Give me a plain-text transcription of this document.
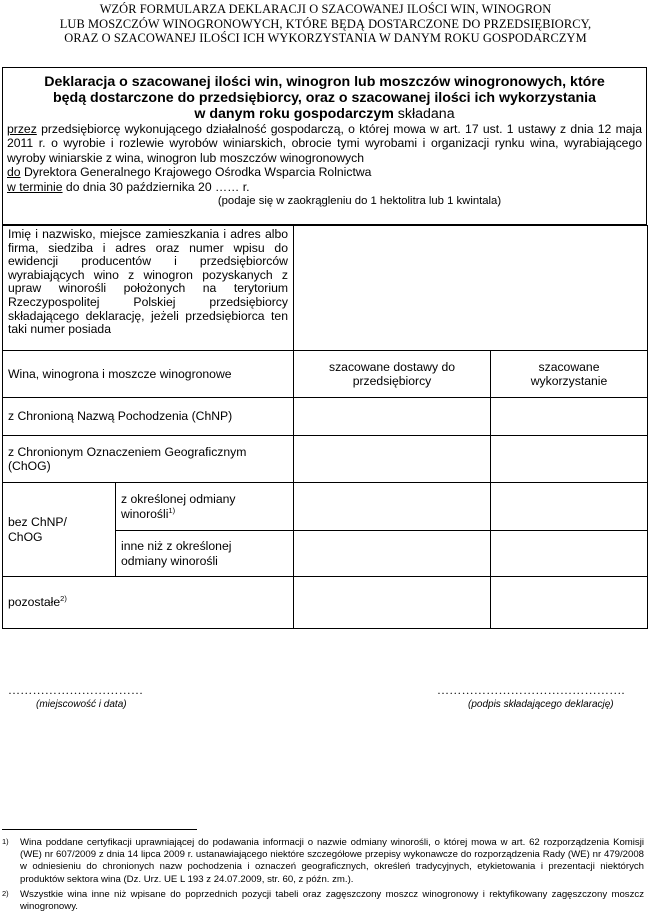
WZÓR FORMULARZA DEKLARACJI O SZACOWANEJ ILOŚCI WIN, WINOGRON
LUB MOSZCZÓW WINOGRONOWYCH, KTÓRE BĘDĄ DOSTARCZONE DO PRZEDSIĘBIORCY,
ORAZ O SZACOWANEJ ILOŚCI ICH WYKORZYSTANIA W DANYM ROKU GOSPODARCZYM
Deklaracja o szacowanej ilości win, winogron lub moszczów winogronowych, które
będą dostarczone do przedsiębiorcy, oraz o szacowanej ilości ich wykorzystania
w danym roku gospodarczym składana
przez przedsiębiorcę wykonującego działalność gospodarczą, o której mowa w art. 17 ust. 1 ustawy z dnia 12 maja 2011 r. o wyrobie i rozlewie wyrobów winiarskich, obrocie tymi wyrobami i organizacji rynku wina, wyrabiającego wyroby winiarskie z wina, winogron lub moszczów winogronowych
do Dyrektora Generalnego Krajowego Ośrodka Wsparcia Rolnictwa
w terminie do dnia 30 października 20 …… r.
(podaje się w zaokrągleniu do 1 hektolitra lub 1 kwintala)
Imię i nazwisko, miejsce zamieszkania i adres albo firma, siedziba i adres oraz numer wpisu do ewidencji producentów i przedsiębiorców wyrabiających wino z winogron pozyskanych z upraw winorośli położonych na terytorium Rzeczypospolitej Polskiej przedsiębiorcy składającego deklarację, jeżeli przedsiębiorca ten taki numer posiada			
Wina, winogrona i moszcze winogronowe		szacowane dostawy do przedsiębiorcy	szacowane wykorzystanie
z Chronioną Nazwą Pochodzenia (ChNP)			
z Chronionym Oznaczeniem Geograficznym (ChOG)			
bez ChNP/ ChOG	z określonej odmiany winorośli$^{1)}$		
	inne niż z określonej odmiany winorośli		
pozostałe$^{2)}$		
……………………………
(miejscowość i data)
……………………………………….
(podpis składającego deklarację)
1) Wina poddane certyfikacji uprawniającej do podawania informacji o nazwie odmiany winorośli, o której mowa w art. 62 rozporządzenia Komisji (WE) nr 607/2009 z dnia 14 lipca 2009 r. ustanawiającego niektóre szczegółowe przepisy wykonawcze do rozporządzenia Rady (WE) nr 479/2008 w odniesieniu do chronionych nazw pochodzenia i oznaczeń geograficznych, określeń tradycyjnych, etykietowania i prezentacji niektórych produktów sektora wina (Dz. Urz. UE L 193 z 24.07.2009, str. 60, z późn. zm.).
2) Wszystkie wina inne niż wpisane do poprzednich pozycji tabeli oraz zagęszczony moszcz winogronowy i rektyfikowany zagęszczony moszcz winogronowy.
